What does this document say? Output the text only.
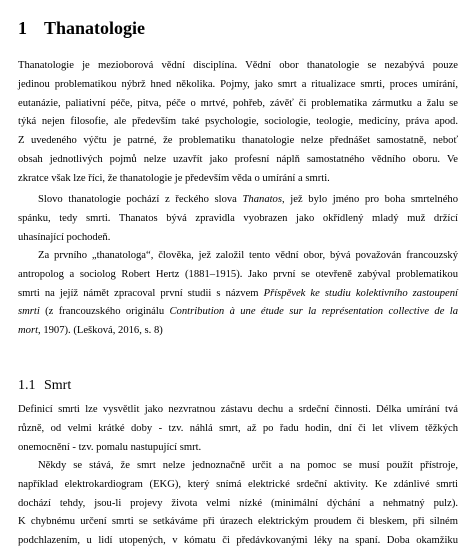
1 Thanatologie

Thanatologie je mezioborová vědní disciplína. Vědní obor thanatologie se nezabývá pouze
jedinou problematikou nýbrž hned několika. Pojmy, jako smrt a ritualizace smrti, proces umírání,
eutanázie, paliativní péče, pitva, péče o mrtvé, pohřeb, závěť či problematika zármutku a žalu se
týká nejen filosofie, ale především také psychologie, sociologie, teologie, medicíny, práva apod.
Z uvedeného výčtu je patrné, že problematiku thanatologie nelze přednášet samostatně, neboť
obsah jednotlivých pojmů nelze uzavřít jako profesní náplň samostatného vědního oboru. Ve
zkratce však lze říci, že thanatologie je především věda o umírání a smrti.

Slovo thanatologie pochází z řeckého slova Thanatos, jež bylo jméno pro boha smrtelného
spánku, tedy smrti. Thanatos bývá zpravidla vyobrazen jako okřídlený mladý muž držící
uhasínající pochodeň.

Za prvního „thanatologa“, člověka, jež založil tento vědní obor, bývá považován francouzský
antropolog a sociolog Robert Hertz (1881–1915). Jako první se otevřeně zabýval problematikou
smrti na jejíž námět zpracoval první studii s názvem Příspěvek ke studiu kolektivního zastoupení
smrti (z francouzského originálu Contribution à une étude sur la représentation collective de la
mort, 1907). (Lešková, 2016, s. 8)

1.1 Smrt

Definicí smrti lze vysvětlit jako nezvratnou zástavu dechu a srdeční činnosti. Délka umírání tvá
různě, od velmi krátké doby - tzv. náhlá smrt, až po řadu hodin, dní či let vlivem těžkých
onemocnění - tzv. pomalu nastupující smrt.

Někdy se stává, že smrt nelze jednoznačně určit a na pomoc se musí použít přístroje,
například elektrokardiogram (EKG), který snímá elektrické srdeční aktivity. Ke zdánlivé smrti
dochází tehdy, jsou-li projevy života velmi nízké (minimální dýchání a nehmatný pulz).
K chybnému určení smrti se setkáváme při úrazech elektrickým proudem či bleskem, při silném
podchlazením, u lidí utopených, v kómatu či předávkovanými léky na spaní. Doba okamžiku
